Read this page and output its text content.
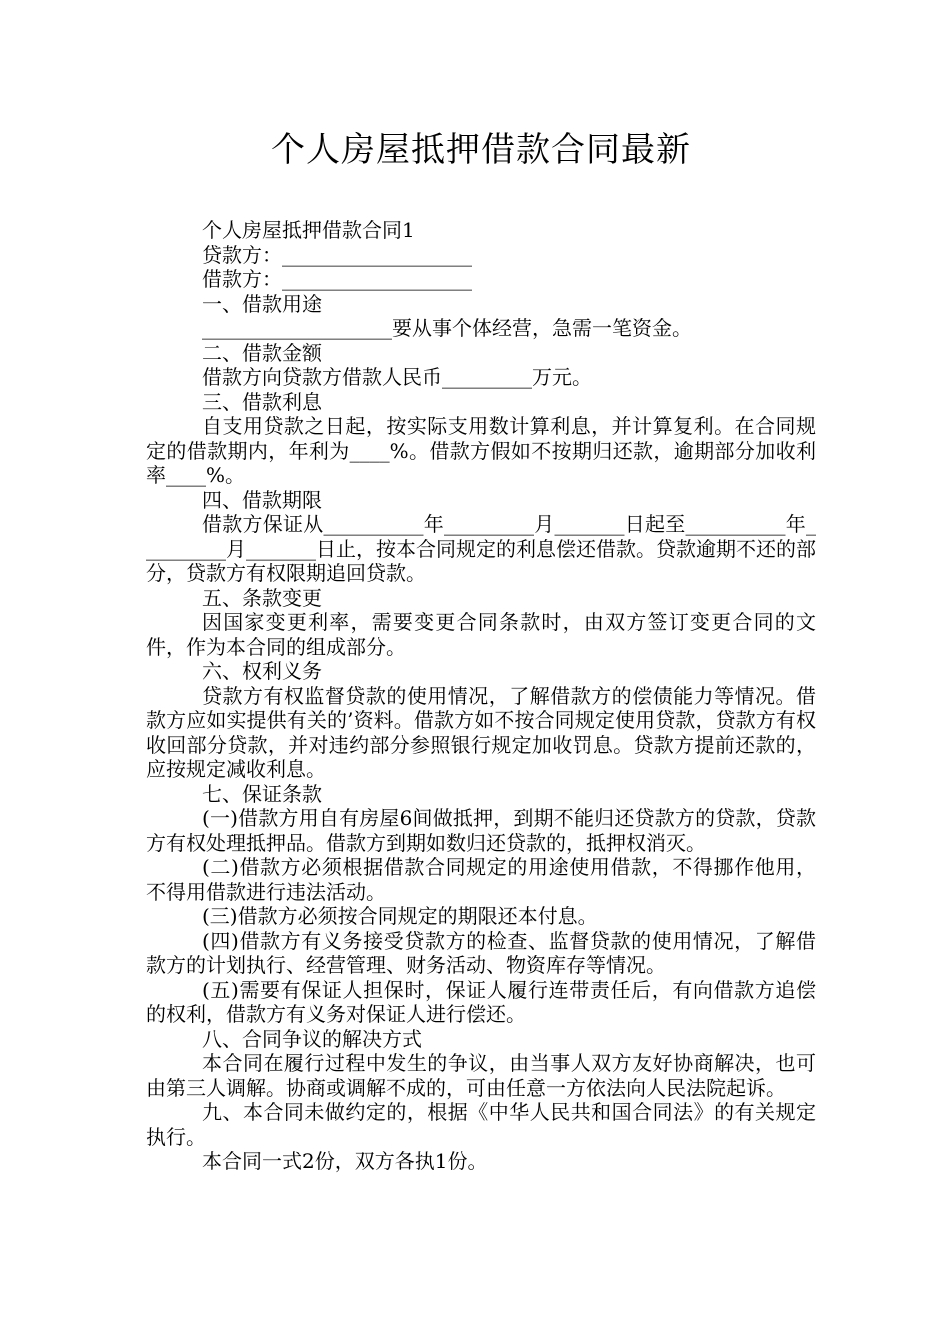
个人房屋抵押借款合同最新

个人房屋抵押借款合同1

贷款方：___________________

借款方：___________________

一、借款用途

___________________要从事个体经营，急需一笔资金。

二、借款金额

借款方向贷款方借款人民币_________万元。

三、借款利息

自支用贷款之日起，按实际支用数计算利息，并计算复利。在合同规定的借款期内，年利为____%。借款方假如不按期归还款，逾期部分加收利率____%。

四、借款期限

借款方保证从__________年_________月_______日起至__________年_________月_______日止，按本合同规定的利息偿还借款。贷款逾期不还的部分，贷款方有权限期追回贷款。

五、条款变更

因国家变更利率，需要变更合同条款时，由双方签订变更合同的文件，作为本合同的组成部分。

六、权利义务

贷款方有权监督贷款的使用情况，了解借款方的偿债能力等情况。借款方应如实提供有关的’资料。借款方如不按合同规定使用贷款，贷款方有权收回部分贷款，并对违约部分参照银行规定加收罚息。贷款方提前还款的，应按规定减收利息。

七、保证条款

(一)借款方用自有房屋6间做抵押，到期不能归还贷款方的贷款，贷款方有权处理抵押品。借款方到期如数归还贷款的，抵押权消灭。

(二)借款方必须根据借款合同规定的用途使用借款，不得挪作他用，不得用借款进行违法活动。

(三)借款方必须按合同规定的期限还本付息。

(四)借款方有义务接受贷款方的检查、监督贷款的使用情况，了解借款方的计划执行、经营管理、财务活动、物资库存等情况。

(五)需要有保证人担保时，保证人履行连带责任后，有向借款方追偿的权利，借款方有义务对保证人进行偿还。

八、合同争议的解决方式

本合同在履行过程中发生的争议，由当事人双方友好协商解决，也可由第三人调解。协商或调解不成的，可由任意一方依法向人民法院起诉。

九、本合同未做约定的，根据《中华人民共和国合同法》的有关规定执行。

本合同一式2份，双方各执1份。
